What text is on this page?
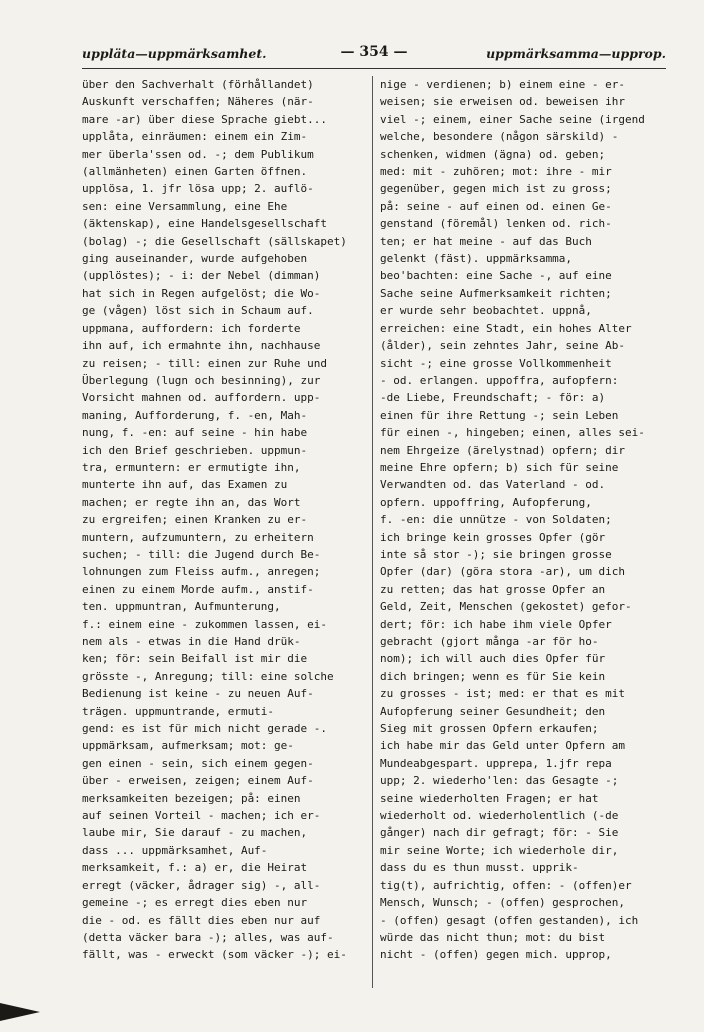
uppläta—uppmärksamhet.	— 354 —	uppmärksamma—upprop.
über den Sachverhalt (förhållandet)
Auskunft verschaffen; Näheres (när-
mare -ar) über diese Sprache giebt...
upplåta, einräumen: einem ein Zim-
mer überla'ssen od. -; dem Publikum
(allmänheten) einen Garten öffnen.
upplösa, 1. jfr lösa upp; 2. auflö-
sen: eine Versammlung, eine Ehe
(äktenskap), eine Handelsgesellschaft
(bolag) -; die Gesellschaft (sällskapet)
ging auseinander, wurde aufgehoben
(upplöstes); - i: der Nebel (dimman)
hat sich in Regen aufgelöst; die Wo-
ge (vågen) löst sich in Schaum auf.
uppmana, auffordern: ich forderte
ihn auf, ich ermahnte ihn, nachhause
zu reisen; - till: einen zur Ruhe und
Überlegung (lugn och besinning), zur
Vorsicht mahnen od. auffordern. upp-
maning, Aufforderung, f. -en, Mah-
nung, f. -en: auf seine - hin habe
ich den Brief geschrieben. uppmun-
tra, ermuntern: er ermutigte ihn,
munterte ihn auf, das Examen zu
machen; er regte ihn an, das Wort
zu ergreifen; einen Kranken zu er-
muntern, aufzumuntern, zu erheitern
suchen; - till: die Jugend durch Be-
lohnungen zum Fleiss aufm., anregen;
einen zu einem Morde aufm., anstif-
ten. uppmuntran, Aufmunterung,
f.: einem eine - zukommen lassen, ei-
nem als - etwas in die Hand drük-
ken; för: sein Beifall ist mir die
grösste -, Anregung; till: eine solche
Bedienung ist keine - zu neuen Auf-
trägen. uppmuntrande, ermuti-
gend: es ist für mich nicht gerade -.
uppmärksam, aufmerksam; mot: ge-
gen einen - sein, sich einem gegen-
über - erweisen, zeigen; einem Auf-
merksamkeiten bezeigen; på: einen
auf seinen Vorteil - machen; ich er-
laube mir, Sie darauf - zu machen,
dass ... uppmärksamhet, Auf-
merksamkeit, f.: a) er, die Heirat
erregt (väcker, ådrager sig) -, all-
gemeine -; es erregt dies eben nur
die - od. es fällt dies eben nur auf
(detta väcker bara -); alles, was auf-
fällt, was - erweckt (som väcker -); ei-
nige - verdienen; b) einem eine - er-
weisen; sie erweisen od. beweisen ihr
viel -; einem, einer Sache seine (irgend
welche, besondere (någon särskild) -
schenken, widmen (ägna) od. geben;
med: mit - zuhören; mot: ihre - mir
gegenüber, gegen mich ist zu gross;
på: seine - auf einen od. einen Ge-
genstand (föremål) lenken od. rich-
ten; er hat meine - auf das Buch
gelenkt (fäst). uppmärksamma,
beo'bachten: eine Sache -, auf eine
Sache seine Aufmerksamkeit richten;
er wurde sehr beobachtet. uppnå,
erreichen: eine Stadt, ein hohes Alter
(ålder), sein zehntes Jahr, seine Ab-
sicht -; eine grosse Vollkommenheit
- od. erlangen. uppoffra, aufopfern:
-de Liebe, Freundschaft; - för: a)
einen für ihre Rettung -; sein Leben
für einen -, hingeben; einen, alles sei-
nem Ehrgeize (ärelystnad) opfern; dir
meine Ehre opfern; b) sich für seine
Verwandten od. das Vaterland - od.
opfern. uppoffring, Aufopferung,
f. -en: die unnütze - von Soldaten;
ich bringe kein grosses Opfer (gör
inte så stor -); sie bringen grosse
Opfer (dar) (göra stora -ar), um dich
zu retten; das hat grosse Opfer an
Geld, Zeit, Menschen (gekostet) gefor-
dert; för: ich habe ihm viele Opfer
gebracht (gjort många -ar för ho-
nom); ich will auch dies Opfer für
dich bringen; wenn es für Sie kein
zu grosses - ist; med: er that es mit
Aufopferung seiner Gesundheit; den
Sieg mit grossen Opfern erkaufen;
ich habe mir das Geld unter Opfern am
Mundeabgespart. upprepa, 1.jfr repa
upp; 2. wiederho'len: das Gesagte -;
seine wiederholten Fragen; er hat
wiederholt od. wiederholentlich (-de
gånger) nach dir gefragt; för: - Sie
mir seine Worte; ich wiederhole dir,
dass du es thun musst. upprik-
tig(t), aufrichtig, offen: - (offen)er
Mensch, Wunsch; - (offen) gesprochen,
- (offen) gesagt (offen gestanden), ich
würde das nicht thun; mot: du bist
nicht - (offen) gegen mich. upprop,
